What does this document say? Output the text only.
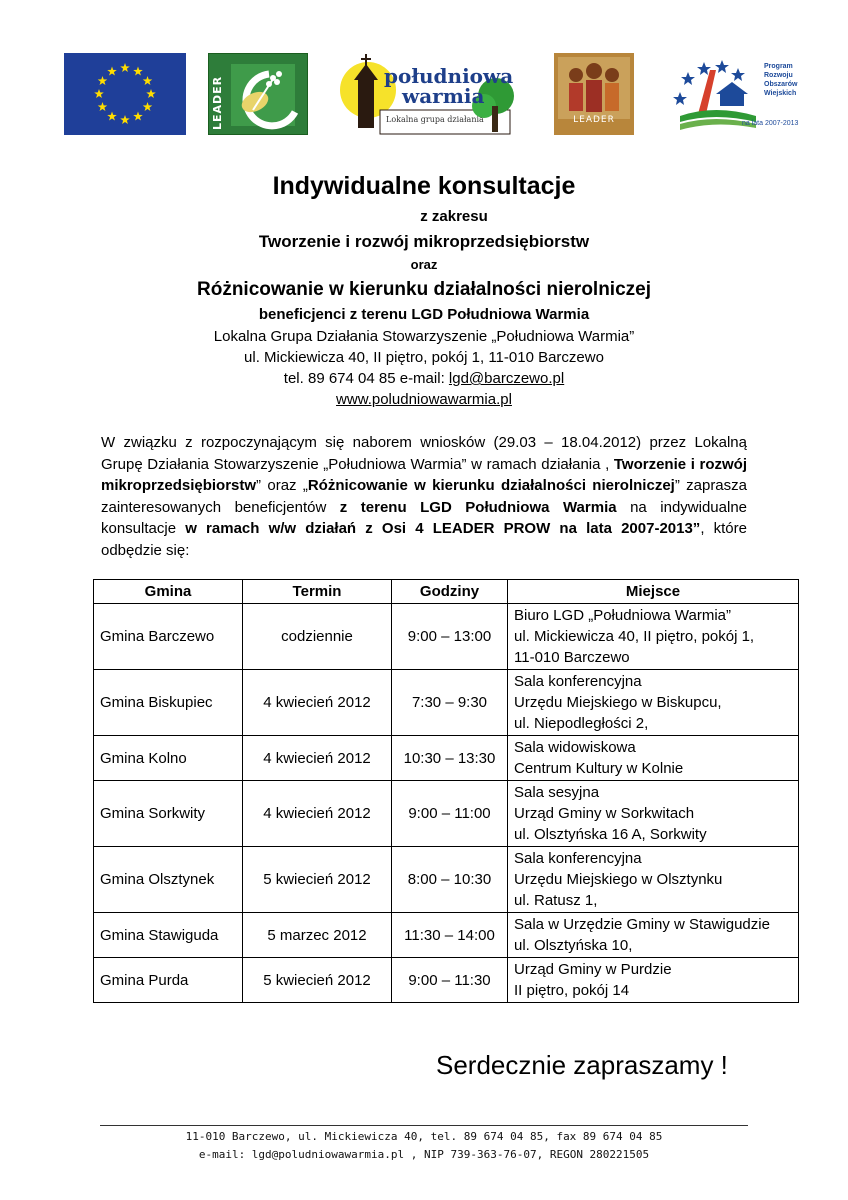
LEADER	południowa
warmia
Lokalna grupa działania	LEADER
Program
Rozwoju
Obszarów
Wiejskich
na lata 2007-2013
Indywidualne konsultacje
z zakresu
Tworzenie i rozwój mikroprzedsiębiorstw
oraz
Różnicowanie w kierunku działalności nierolniczej
beneficjenci z terenu LGD Południowa Warmia
Lokalna Grupa Działania Stowarzyszenie „Południowa Warmia”
ul. Mickiewicza 40, II piętro, pokój 1, 11-010 Barczewo
tel. 89 674 04 85 e-mail: lgd@barczewo.pl
www.poludniowawarmia.pl
W związku z rozpoczynającym się naborem wniosków (29.03 – 18.04.2012) przez Lokalną Grupę Działania Stowarzyszenie „Południowa Warmia” w ramach działania , Tworzenie i rozwój mikroprzedsiębiorstw” oraz „Różnicowanie w kierunku działalności nierolniczej” zaprasza zainteresowanych beneficjentów z terenu LGD Południowa Warmia na indywidualne konsultacje w ramach w/w działań z Osi 4 LEADER PROW na lata 2007-2013”, które odbędzie się:
Gmina	Termin	Godziny	Miejsce
Gmina Barczewo	codziennie	9:00 – 13:00	Biuro LGD „Południowa Warmia”
ul. Mickiewicza 40, II piętro, pokój 1,
11-010 Barczewo

Gmina Biskupiec	4 kwiecień 2012	7:30 – 9:30	Sala konferencyjna
Urzędu Miejskiego w Biskupcu,
ul. Niepodległości 2,

Gmina Kolno	4 kwiecień 2012	10:30 – 13:30	Sala widowiskowa
Centrum Kultury w Kolnie

Gmina Sorkwity	4 kwiecień 2012	9:00 – 11:00	Sala sesyjna
Urząd Gminy w Sorkwitach
ul. Olsztyńska 16 A, Sorkwity

Gmina Olsztynek	5 kwiecień 2012	8:00 – 10:30	Sala konferencyjna
Urzędu Miejskiego w Olsztynku
ul. Ratusz 1,

Gmina Stawiguda	5 marzec 2012	11:30 – 14:00	Sala w Urzędzie Gminy w Stawigudzie
ul. Olsztyńska 10,

Gmina Purda	5 kwiecień 2012	9:00 – 11:30	Urząd Gminy w Purdzie
II piętro, pokój 14
Serdecznie zapraszamy !
11-010 Barczewo, ul. Mickiewicza 40, tel. 89 674 04 85, fax 89 674 04 85
e-mail: lgd@poludniowawarmia.pl , NIP 739-363-76-07, REGON 280221505
